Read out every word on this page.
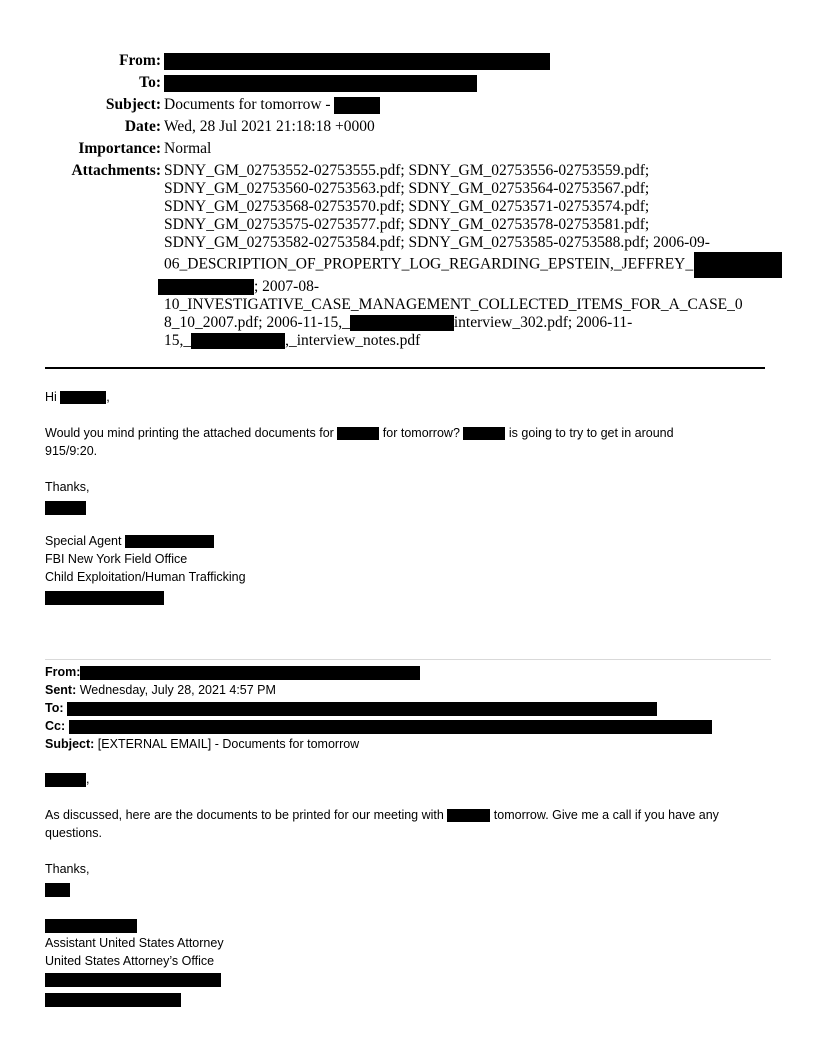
From:
To:
Subject: Documents for tomorrow -
Date: Wed, 28 Jul 2021 21:18:18 +0000
Importance: Normal
Attachments: SDNY_GM_02753552-02753555.pdf; SDNY_GM_02753556-02753559.pdf;
SDNY_GM_02753560-02753563.pdf; SDNY_GM_02753564-02753567.pdf;
SDNY_GM_02753568-02753570.pdf; SDNY_GM_02753571-02753574.pdf;
SDNY_GM_02753575-02753577.pdf; SDNY_GM_02753578-02753581.pdf;
SDNY_GM_02753582-02753584.pdf; SDNY_GM_02753585-02753588.pdf; 2006-09-
06_DESCRIPTION_OF_PROPERTY_LOG_REGARDING_EPSTEIN,_JEFFREY_
; 2007-08-
10_INVESTIGATIVE_CASE_MANAGEMENT_COLLECTED_ITEMS_FOR_A_CASE_0
8_10_2007.pdf; 2006-11-15,_	interview_302.pdf; 2006-11-
15,_	,_interview_notes.pdf
Hi	,
Would you mind printing the attached documents for	for tomorrow?	is going to try to get in around
915/9:20.
Thanks,
Special Agent
FBI New York Field Office
Child Exploitation/Human Trafficking
From:
Sent: Wednesday, July 28, 2021 4:57 PM
To:
Cc:
Subject: [EXTERNAL EMAIL] - Documents for tomorrow
,
As discussed, here are the documents to be printed for our meeting with	tomorrow. Give me a call if you have any
questions.
Thanks,
Assistant United States Attorney
United States Attorney’s Office
